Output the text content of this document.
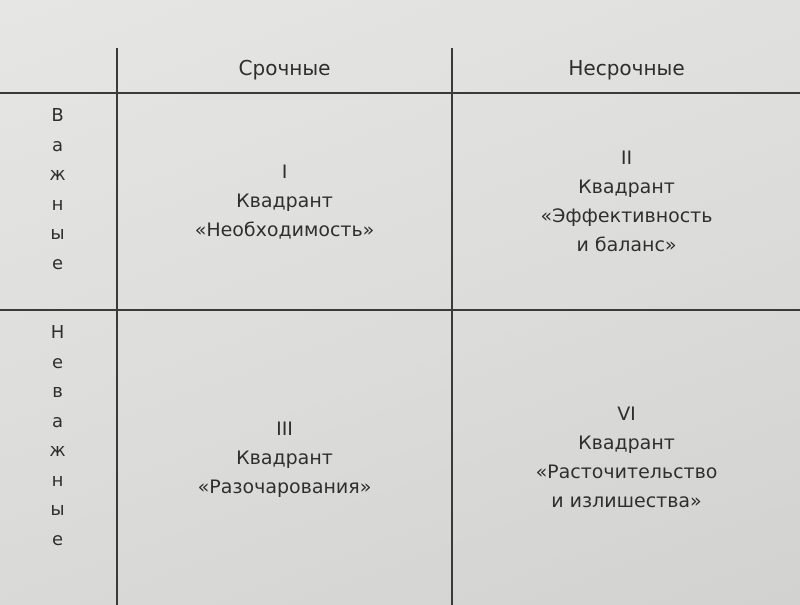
Срочные	Несрочные
В
а
ж
н
ы
е
Н
е
в
а
ж
н
ы
е
I
Квадрант
«Необходимость»
II
Квадрант
«Эффективность
и баланс»
III
Квадрант
«Разочарования»
VI
Квадрант
«Расточительство
и излишества»
